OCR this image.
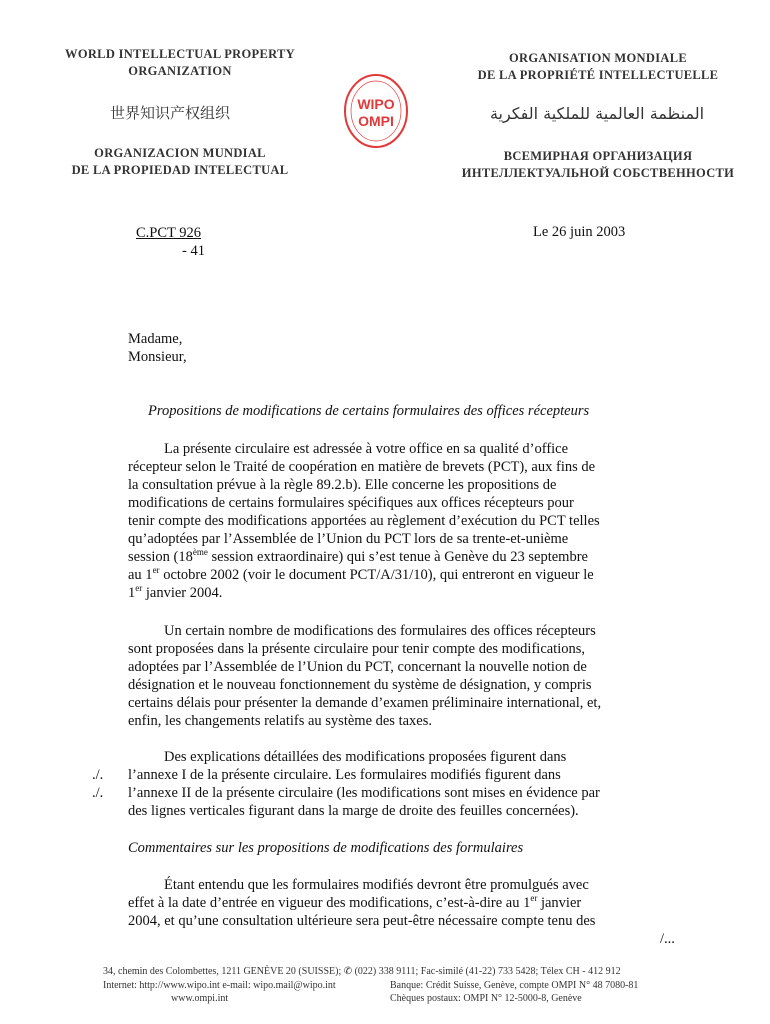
WORLD INTELLECTUAL PROPERTY
ORGANIZATION
ORGANISATION MONDIALE
DE LA PROPRIÉTÉ INTELLECTUELLE
世界知识产权组织	المنظمة العالمية للملكية الفكرية
ORGANIZACION MUNDIAL
DE LA PROPIEDAD INTELECTUAL
ВСЕМИРНАЯ ОРГАНИЗАЦИЯ
ИНТЕЛЛЕКТУАЛЬНОЙ СОБСТВЕННОСТИ
WIPO
OMPI
C.PCT 926
- 41
Le 26 juin 2003
Madame,
Monsieur,
Propositions de modifications de certains formulaires des offices récepteurs
La présente circulaire est adressée à votre office en sa qualité d’office
récepteur selon le Traité de coopération en matière de brevets (PCT), aux fins de
la consultation prévue à la règle 89.2.b). Elle concerne les propositions de
modifications de certains formulaires spécifiques aux offices récepteurs pour
tenir compte des modifications apportées au règlement d’exécution du PCT telles
qu’adoptées par l’Assemblée de l’Union du PCT lors de sa trente-et-unième
session (18ème session extraordinaire) qui s’est tenue à Genève du 23 septembre
au 1er octobre 2002 (voir le document PCT/A/31/10), qui entreront en vigueur le
1er janvier 2004.
Un certain nombre de modifications des formulaires des offices récepteurs
sont proposées dans la présente circulaire pour tenir compte des modifications,
adoptées par l’Assemblée de l’Union du PCT, concernant la nouvelle notion de
désignation et le nouveau fonctionnement du système de désignation, y compris
certains délais pour présenter la demande d’examen préliminaire international, et,
enfin, les changements relatifs au système des taxes.
./.
./.
Des explications détaillées des modifications proposées figurent dans
l’annexe I de la présente circulaire. Les formulaires modifiés figurent dans
l’annexe II de la présente circulaire (les modifications sont mises en évidence par
des lignes verticales figurant dans la marge de droite des feuilles concernées).
Commentaires sur les propositions de modifications des formulaires
Étant entendu que les formulaires modifiés devront être promulgués avec
effet à la date d’entrée en vigueur des modifications, c’est-à-dire au 1er janvier
2004, et qu’une consultation ultérieure sera peut-être nécessaire compte tenu des
/...
34, chemin des Colombettes, 1211 GENÈVE 20 (SUISSE); ✆ (022) 338 9111; Fac-similé (41-22) 733 5428; Télex CH - 412 912
Internet: http://www.wipo.int e-mail: wipo.mail@wipo.int
www.ompi.int
Banque: Crédit Suisse, Genève, compte OMPI N° 48 7080-81
Chèques postaux: OMPI N° 12-5000-8, Genève
